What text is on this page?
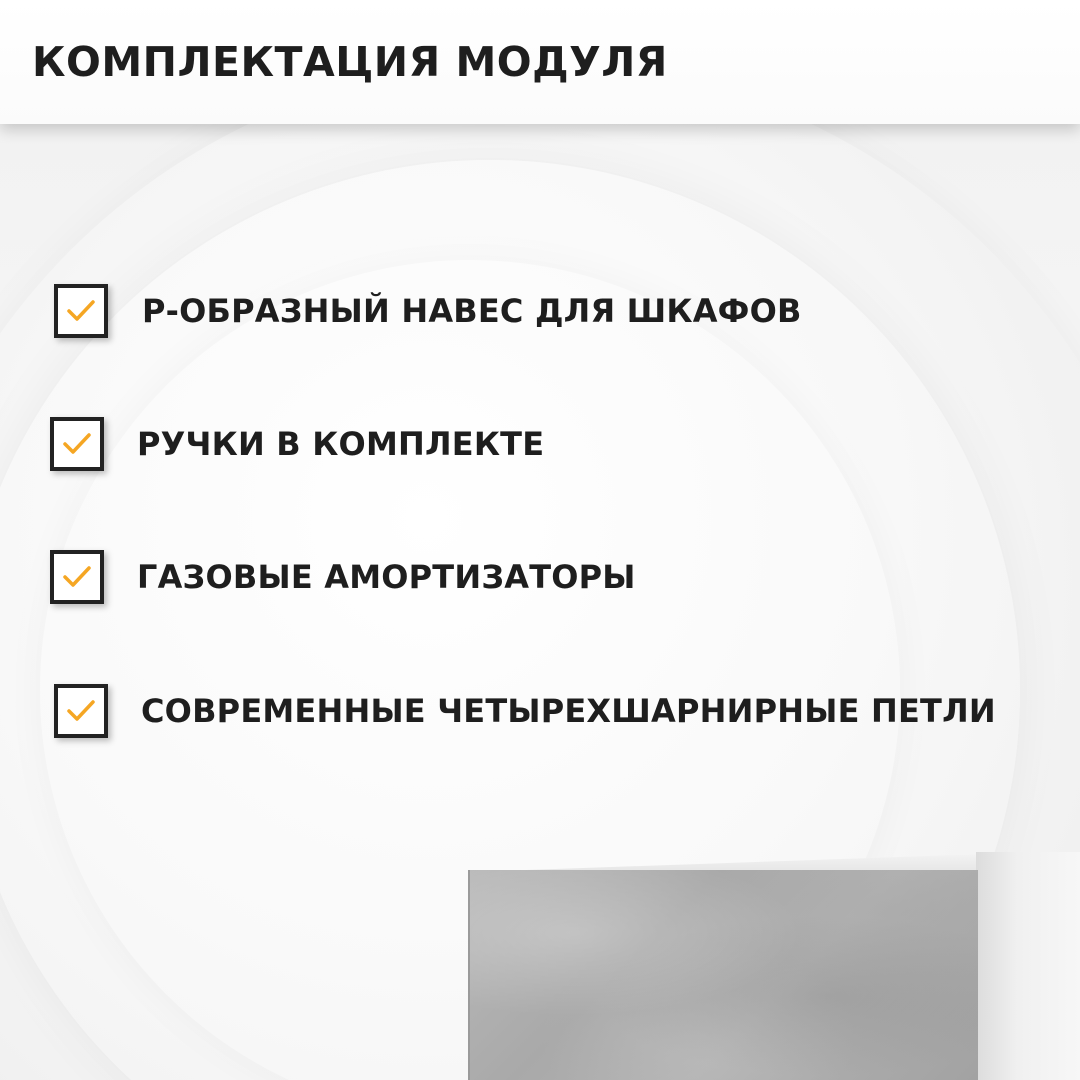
КОМПЛЕКТАЦИЯ МОДУЛЯ
Р-ОБРАЗНЫЙ НАВЕС ДЛЯ ШКАФОВ
РУЧКИ В КОМПЛЕКТЕ
ГАЗОВЫЕ АМОРТИЗАТОРЫ
СОВРЕМЕННЫЕ ЧЕТЫРЕХШАРНИРНЫЕ ПЕТЛИ
